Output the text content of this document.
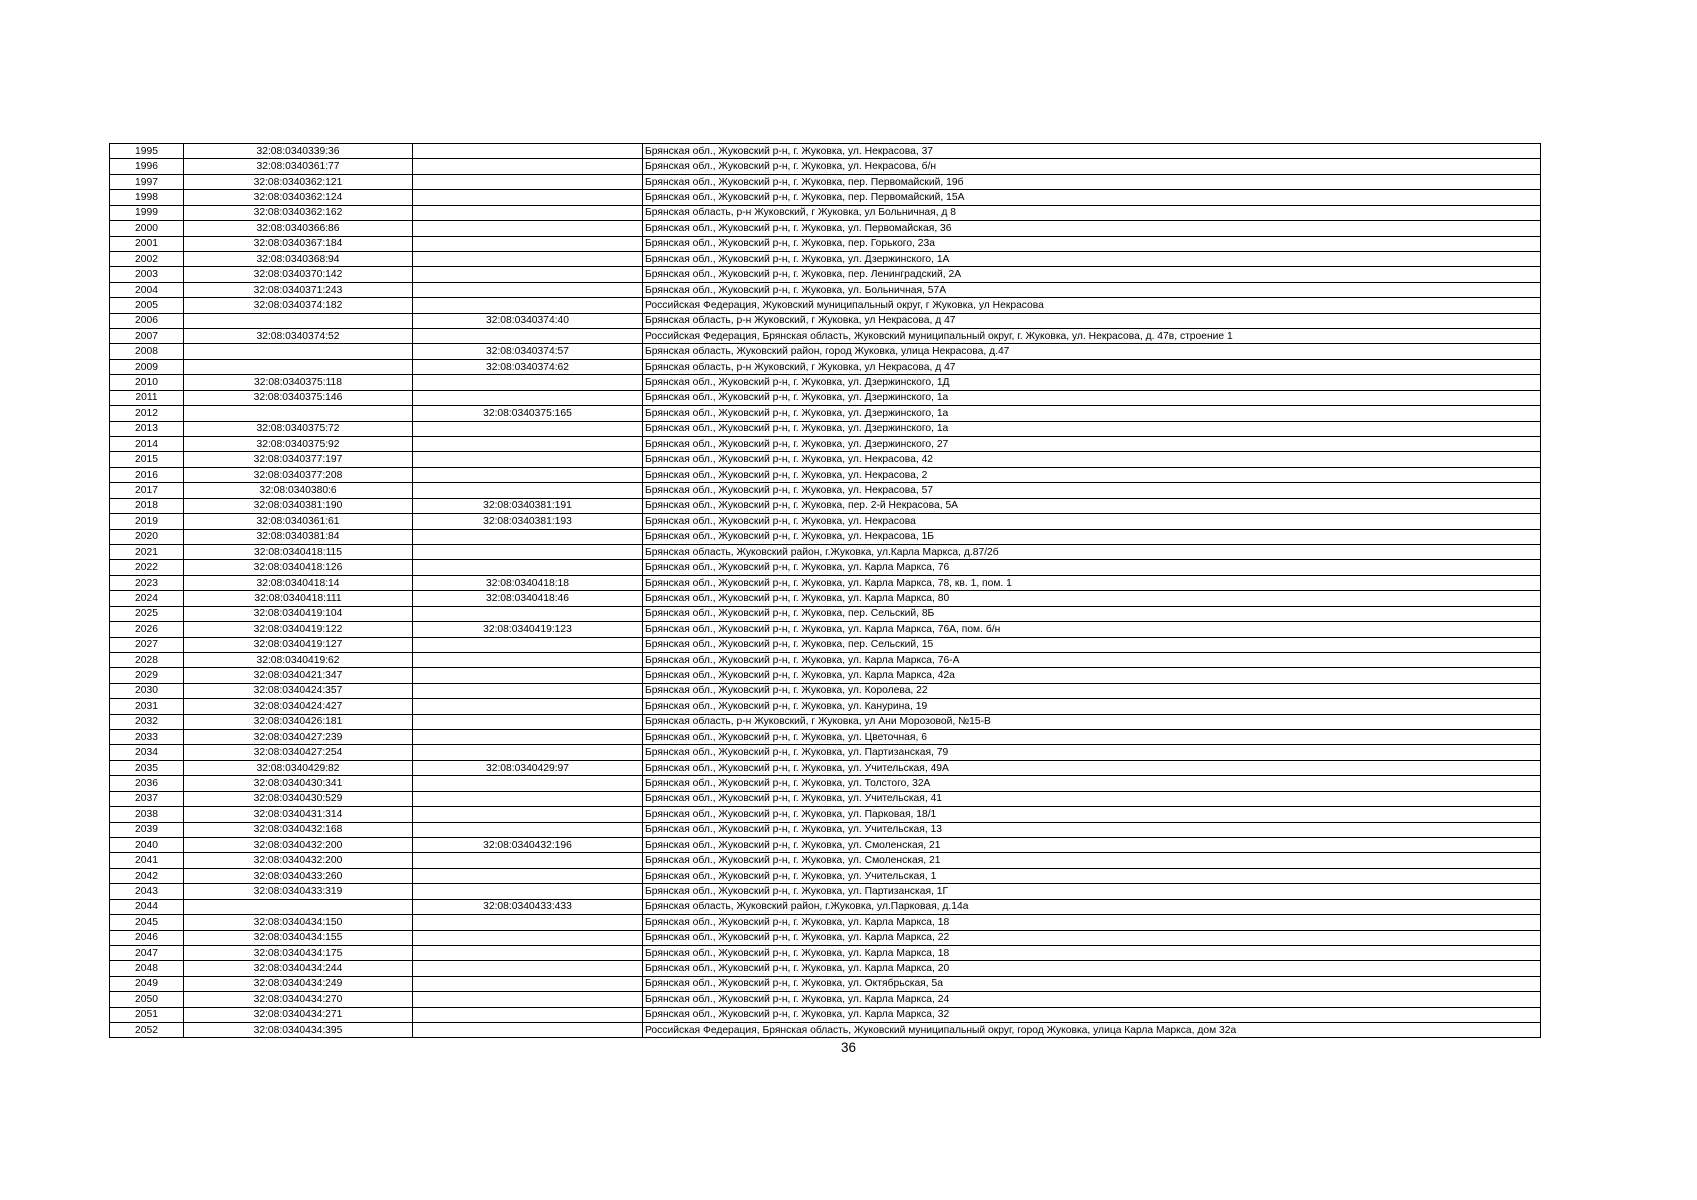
1995	32:08:0340339:36		Брянская обл., Жуковский р-н, г. Жуковка, ул. Некрасова, 37
1996	32:08:0340361:77		Брянская обл., Жуковский р-н, г. Жуковка, ул. Некрасова, б/н
1997	32:08:0340362:121		Брянская обл., Жуковский р-н, г. Жуковка, пер. Первомайский, 19б
1998	32:08:0340362:124		Брянская обл., Жуковский р-н, г. Жуковка, пер. Первомайский, 15А
1999	32:08:0340362:162		Брянская область, р-н Жуковский, г Жуковка, ул Больничная, д 8
2000	32:08:0340366:86		Брянская обл., Жуковский р-н, г. Жуковка, ул. Первомайская, 36
2001	32:08:0340367:184		Брянская обл., Жуковский р-н, г. Жуковка, пер. Горького, 23а
2002	32:08:0340368:94		Брянская обл., Жуковский р-н, г. Жуковка, ул. Дзержинского, 1А
2003	32:08:0340370:142		Брянская обл., Жуковский р-н, г. Жуковка, пер. Ленинградский, 2А
2004	32:08:0340371:243		Брянская обл., Жуковский р-н, г. Жуковка, ул. Больничная, 57А
2005	32:08:0340374:182		Российская Федерация, Жуковский муниципальный округ, г Жуковка, ул Некрасова
2006		32:08:0340374:40	Брянская область, р-н Жуковский, г Жуковка, ул Некрасова, д 47
2007	32:08:0340374:52		Российская Федерация, Брянская область, Жуковский муниципальный округ, г. Жуковка, ул. Некрасова, д. 47в, строение 1
2008		32:08:0340374:57	Брянская область, Жуковский район, город Жуковка, улица Некрасова, д.47
2009		32:08:0340374:62	Брянская область, р-н Жуковский, г Жуковка, ул Некрасова, д 47
2010	32:08:0340375:118		Брянская обл., Жуковский р-н, г. Жуковка, ул. Дзержинского, 1Д
2011	32:08:0340375:146		Брянская обл., Жуковский р-н, г. Жуковка, ул. Дзержинского, 1а
2012		32:08:0340375:165	Брянская обл., Жуковский р-н, г. Жуковка, ул. Дзержинского, 1а
2013	32:08:0340375:72		Брянская обл., Жуковский р-н, г. Жуковка, ул. Дзержинского, 1а
2014	32:08:0340375:92		Брянская обл., Жуковский р-н, г. Жуковка, ул. Дзержинского, 27
2015	32:08:0340377:197		Брянская обл., Жуковский р-н, г. Жуковка, ул. Некрасова, 42
2016	32:08:0340377:208		Брянская обл., Жуковский р-н, г. Жуковка, ул. Некрасова, 2
2017	32:08:0340380:6		Брянская обл., Жуковский р-н, г. Жуковка, ул. Некрасова, 57
2018	32:08:0340381:190	32:08:0340381:191	Брянская обл., Жуковский р-н, г. Жуковка, пер. 2-й Некрасова, 5А
2019	32:08:0340361:61	32:08:0340381:193	Брянская обл., Жуковский р-н, г. Жуковка, ул. Некрасова
2020	32:08:0340381:84		Брянская обл., Жуковский р-н, г. Жуковка, ул. Некрасова, 1Б
2021	32:08:0340418:115		Брянская область, Жуковский район, г.Жуковка, ул.Карла Маркса, д.87/2б
2022	32:08:0340418:126		Брянская обл., Жуковский р-н, г. Жуковка, ул. Карла Маркса, 76
2023	32:08:0340418:14	32:08:0340418:18	Брянская обл., Жуковский р-н, г. Жуковка, ул. Карла Маркса, 78, кв. 1, пом. 1
2024	32:08:0340418:111	32:08:0340418:46	Брянская обл., Жуковский р-н, г. Жуковка, ул. Карла Маркса, 80
2025	32:08:0340419:104		Брянская обл., Жуковский р-н, г. Жуковка, пер. Сельский, 8Б
2026	32:08:0340419:122	32:08:0340419:123	Брянская обл., Жуковский р-н, г. Жуковка, ул. Карла Маркса, 76А, пом. б/н
2027	32:08:0340419:127		Брянская обл., Жуковский р-н, г. Жуковка, пер. Сельский, 15
2028	32:08:0340419:62		Брянская обл., Жуковский р-н, г. Жуковка, ул. Карла Маркса, 76-А
2029	32:08:0340421:347		Брянская обл., Жуковский р-н, г. Жуковка, ул. Карла Маркса, 42а
2030	32:08:0340424:357		Брянская обл., Жуковский р-н, г. Жуковка, ул. Королева, 22
2031	32:08:0340424:427		Брянская обл., Жуковский р-н, г. Жуковка, ул. Канурина, 19
2032	32:08:0340426:181		Брянская область, р-н Жуковский, г Жуковка, ул Ани Морозовой, №15-В
2033	32:08:0340427:239		Брянская обл., Жуковский р-н, г. Жуковка, ул. Цветочная, 6
2034	32:08:0340427:254		Брянская обл., Жуковский р-н, г. Жуковка, ул. Партизанская, 79
2035	32:08:0340429:82	32:08:0340429:97	Брянская обл., Жуковский р-н, г. Жуковка, ул. Учительская, 49А
2036	32:08:0340430:341		Брянская обл., Жуковский р-н, г. Жуковка, ул. Толстого, 32А
2037	32:08:0340430:529		Брянская обл., Жуковский р-н, г. Жуковка, ул. Учительская, 41
2038	32:08:0340431:314		Брянская обл., Жуковский р-н, г. Жуковка, ул. Парковая, 18/1
2039	32:08:0340432:168		Брянская обл., Жуковский р-н, г. Жуковка, ул. Учительская, 13
2040	32:08:0340432:200	32:08:0340432:196	Брянская обл., Жуковский р-н, г. Жуковка, ул. Смоленская, 21
2041	32:08:0340432:200		Брянская обл., Жуковский р-н, г. Жуковка, ул. Смоленская, 21
2042	32:08:0340433:260		Брянская обл., Жуковский р-н, г. Жуковка, ул. Учительская, 1
2043	32:08:0340433:319		Брянская обл., Жуковский р-н, г. Жуковка, ул. Партизанская, 1Г
2044		32:08:0340433:433	Брянская область, Жуковский район, г.Жуковка, ул.Парковая, д.14а
2045	32:08:0340434:150		Брянская обл., Жуковский р-н, г. Жуковка, ул. Карла Маркса, 18
2046	32:08:0340434:155		Брянская обл., Жуковский р-н, г. Жуковка, ул. Карла Маркса, 22
2047	32:08:0340434:175		Брянская обл., Жуковский р-н, г. Жуковка, ул. Карла Маркса, 18
2048	32:08:0340434:244		Брянская обл., Жуковский р-н, г. Жуковка, ул. Карла Маркса, 20
2049	32:08:0340434:249		Брянская обл., Жуковский р-н, г. Жуковка, ул. Октябрьская, 5а
2050	32:08:0340434:270		Брянская обл., Жуковский р-н, г. Жуковка, ул. Карла Маркса, 24
2051	32:08:0340434:271		Брянская обл., Жуковский р-н, г. Жуковка, ул. Карла Маркса, 32
2052	32:08:0340434:395		Российская Федерация, Брянская область, Жуковский муниципальный округ, город Жуковка, улица Карла Маркса, дом 32а
36
